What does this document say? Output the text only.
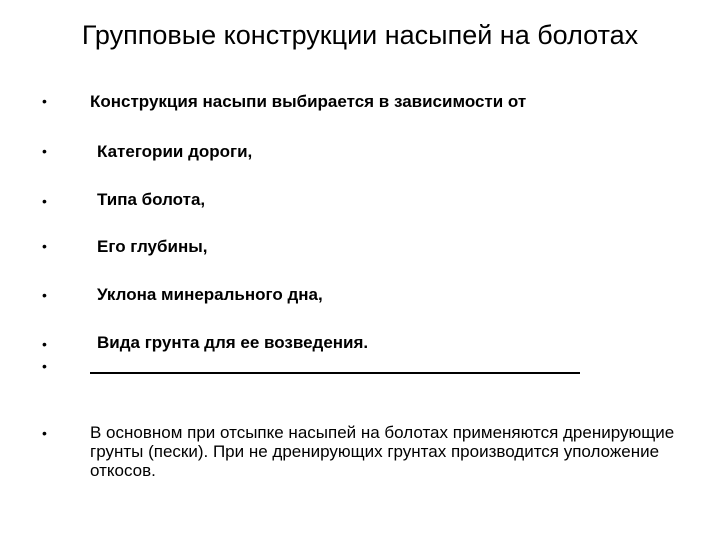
Групповые конструкции насыпей на болотах
•	Конструкция насыпи выбирается в зависимости от
•	Категории дороги,
•	Типа болота,
•	Его глубины,
•	Уклона минерального дна,
•	Вида грунта для ее возведения.
•
•	В основном при отсыпке насыпей на болотах применяются дренирующие грунты (пески). При не дренирующих грунтах производится уположение откосов.
